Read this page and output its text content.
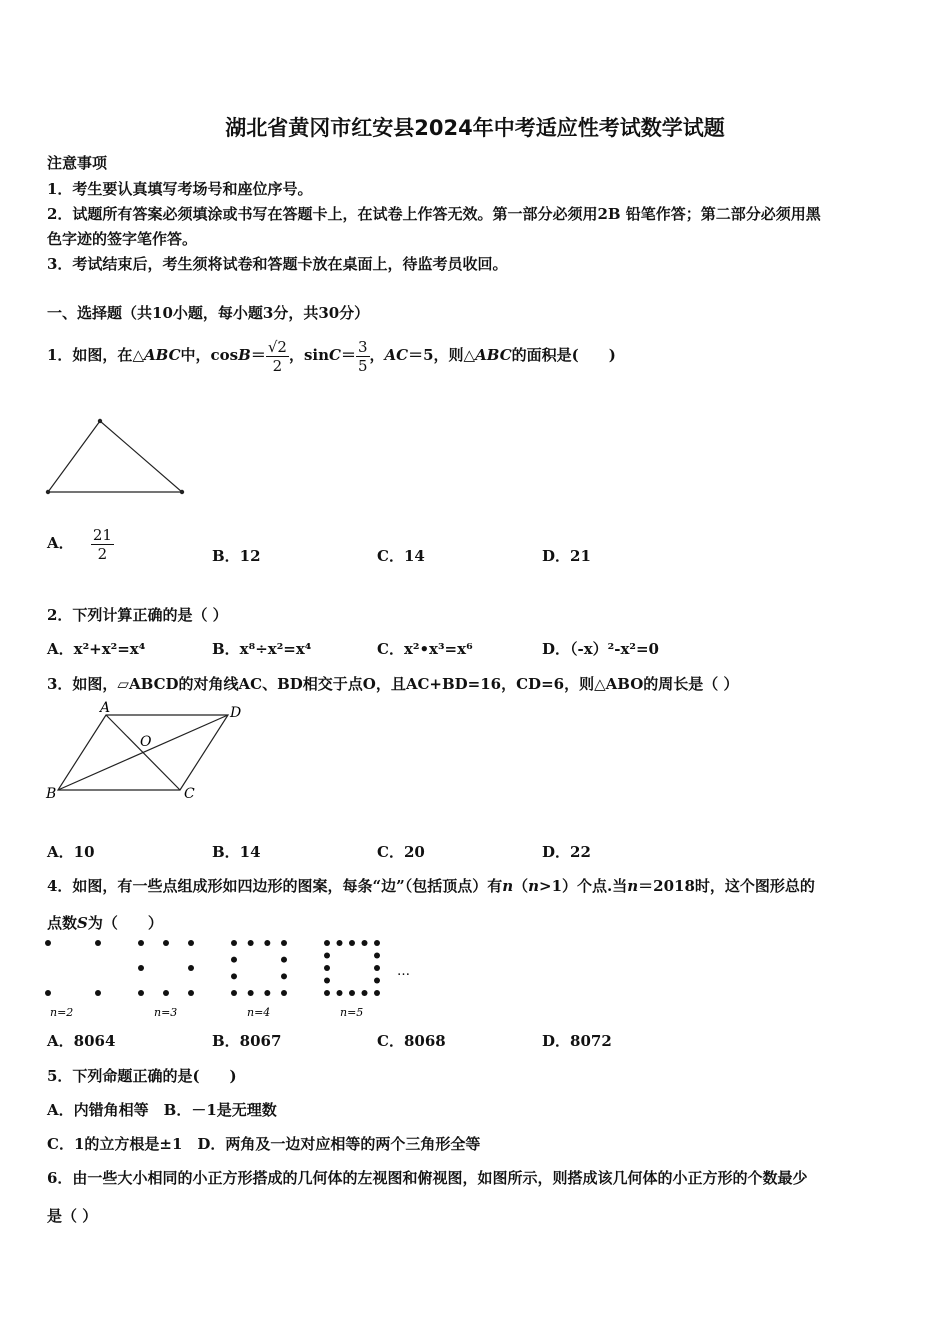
湖北省黄冈市红安县2024年中考适应性考试数学试题
注意事项
1．考生要认真填写考场号和座位序号。
2．试题所有答案必须填涂或书写在答题卡上，在试卷上作答无效。第一部分必须用2B 铅笔作答；第二部分必须用黑
色字迹的签字笔作答。
3．考试结束后，考生须将试卷和答题卡放在桌面上，待监考员收回。
一、选择题（共10小题，每小题3分，共30分）
1．如图，在△ABC中，$\cos B= \frac{√2}{2}$ ，$\sin C= \frac{3}{5}$ ，AC＝5，则△ABC的面积是(　　)
A． $\frac{21}{2}$	B．12	C．14	D．21
2．下列计算正确的是（ ）
A．x²+x²=x⁴	B．x⁸÷x²=x⁴	C．x²•x³=x⁶	D．（-x）²-x²=0
3．如图，▱ABCD的对角线AC、BD相交于点O，且AC+BD=16，CD=6，则△ABO的周长是（ ）
A	D
O
B	C
A．10	B．14	C．20	D．22
4．如图，有一些点组成形如四边形的图案，每条“边”（包括顶点）有n（n>1）个点.当n＝2018时，这个图形总的
点数S为（　　）
n=2	n=3	n=4	n=5
…
A．8064	B．8067	C．8068	D．8072
5．下列命题正确的是(　　)
A．内错角相等　B．－1是无理数
C．1的立方根是±1　D．两角及一边对应相等的两个三角形全等
6．由一些大小相同的小正方形搭成的几何体的左视图和俯视图，如图所示，则搭成该几何体的小正方形的个数最少
是（ ）
